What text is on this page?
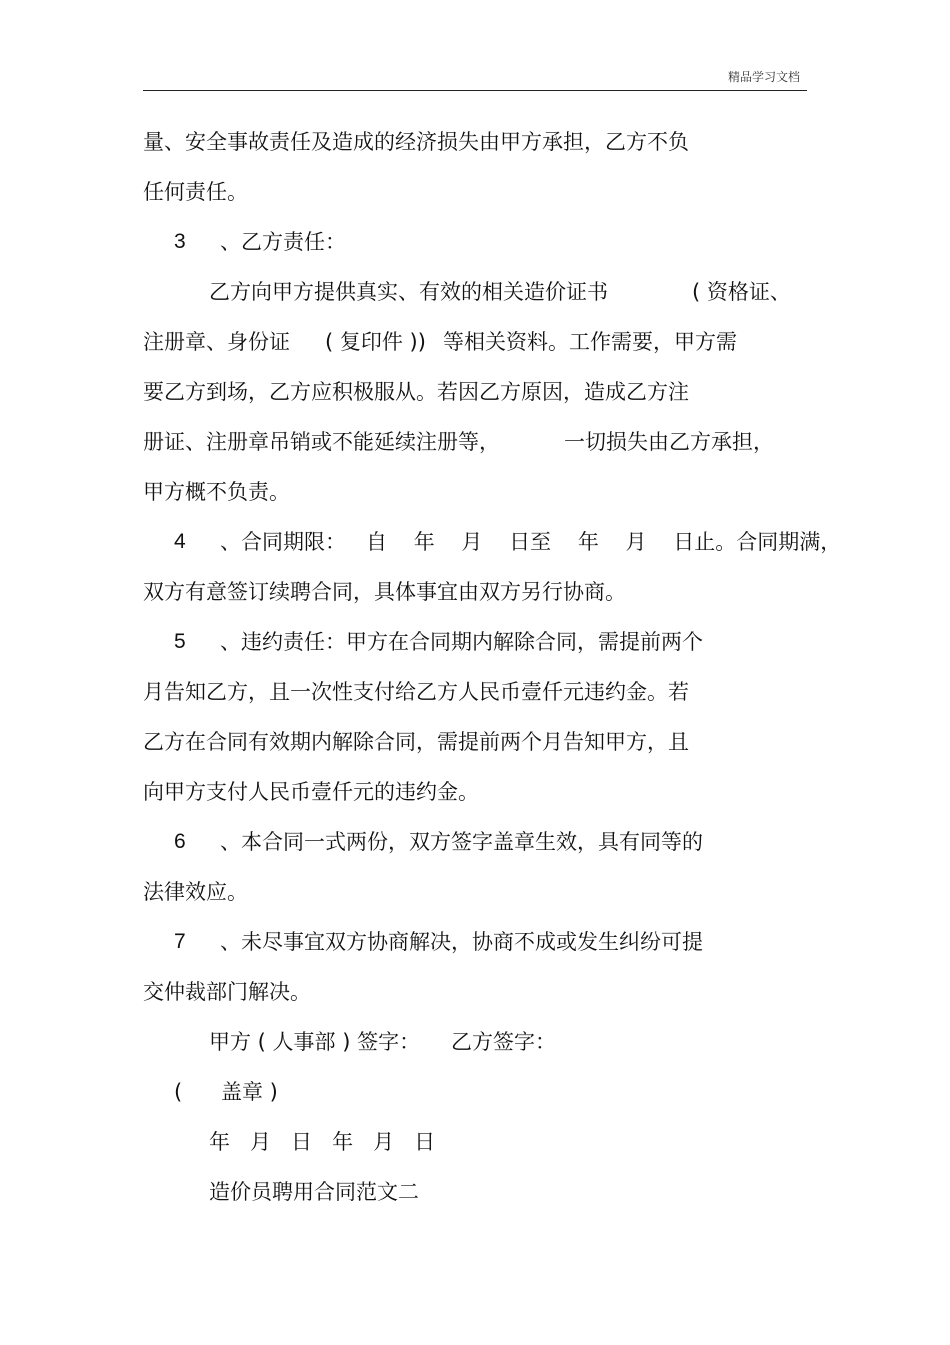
精品学习文档
量、安全事故责任及造成的经济损失由甲方承担，乙方不负
任何责任。
3 、乙方责任：
乙方向甲方提供真实、有效的相关造价证书	( 资格证、
注册章、身份证 ( 复印件 )) 等相关资料。工作需要，甲方需
要乙方到场，乙方应积极服从。若因乙方原因，造成乙方注
册证、注册章吊销或不能延续注册等，	一切损失由乙方承担，
甲方概不负责。
4 、合同期限：   自    年    月    日至    年    月    日止。合同期满，
双方有意签订续聘合同，具体事宜由双方另行协商。
5 、违约责任：甲方在合同期内解除合同，需提前两个
月告知乙方，且一次性支付给乙方人民币壹仟元违约金。若
乙方在合同有效期内解除合同，需提前两个月告知甲方，且
向甲方支付人民币壹仟元的违约金。
6 、本合同一式两份，双方签字盖章生效，具有同等的
法律效应。
7 、未尽事宜双方协商解决，协商不成或发生纠纷可提
交仲裁部门解决。
甲方 ( 人事部 ) 签字： 乙方签字：
( 盖章 )
年   月   日   年   月   日
造价员聘用合同范文二
